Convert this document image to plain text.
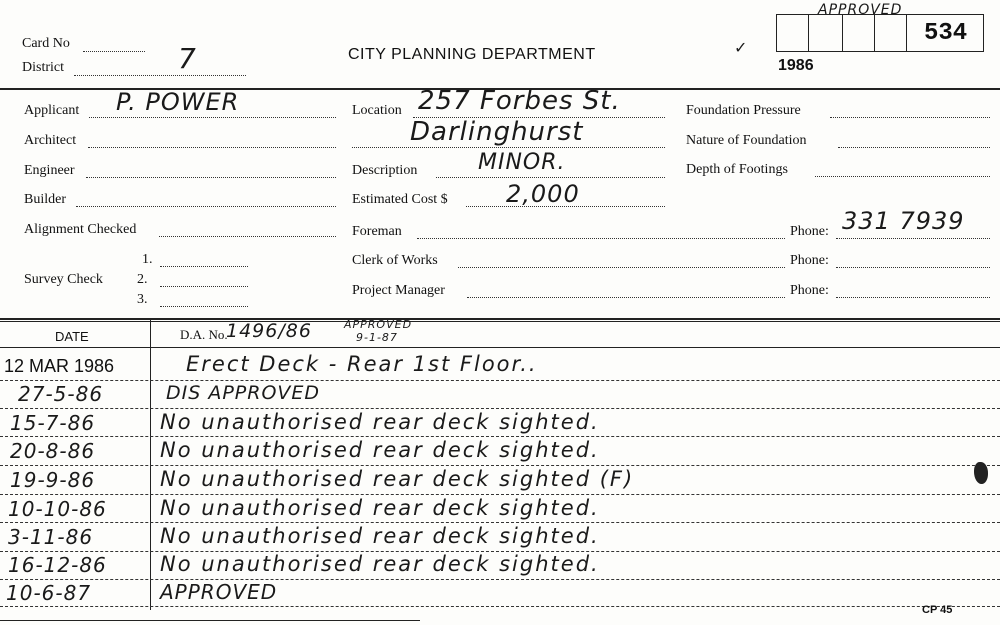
Card No
District	7	CITY PLANNING DEPARTMENT	✓
1986
APPROVED
534
Applicant P. POWER
Architect
Engineer
Builder
Alignment Checked
Survey Check
1.
2.
3.
Location 257 Forbes St.
Darlinghurst
Description	MINOR.
Estimated Cost $ 2,000
Foreman
Clerk of Works
Project Manager
Foundation Pressure
Nature of Foundation
Depth of Footings
Phone: 331 7939
Phone:
Phone:
DATE	D.A. No.
1496/86	APPROVED
9-1-87
12 MAR 1986	Erect Deck - Rear 1st Floor..
27-5-86	DIS APPROVED
15-7-86	No unauthorised rear deck sighted.
20-8-86	No unauthorised rear deck sighted.
19-9-86	No unauthorised rear deck sighted (F)
10-10-86	No unauthorised rear deck sighted.
3-11-86	No unauthorised rear deck sighted.
16-12-86	No unauthorised rear deck sighted.
10-6-87	APPROVED
CP 45
